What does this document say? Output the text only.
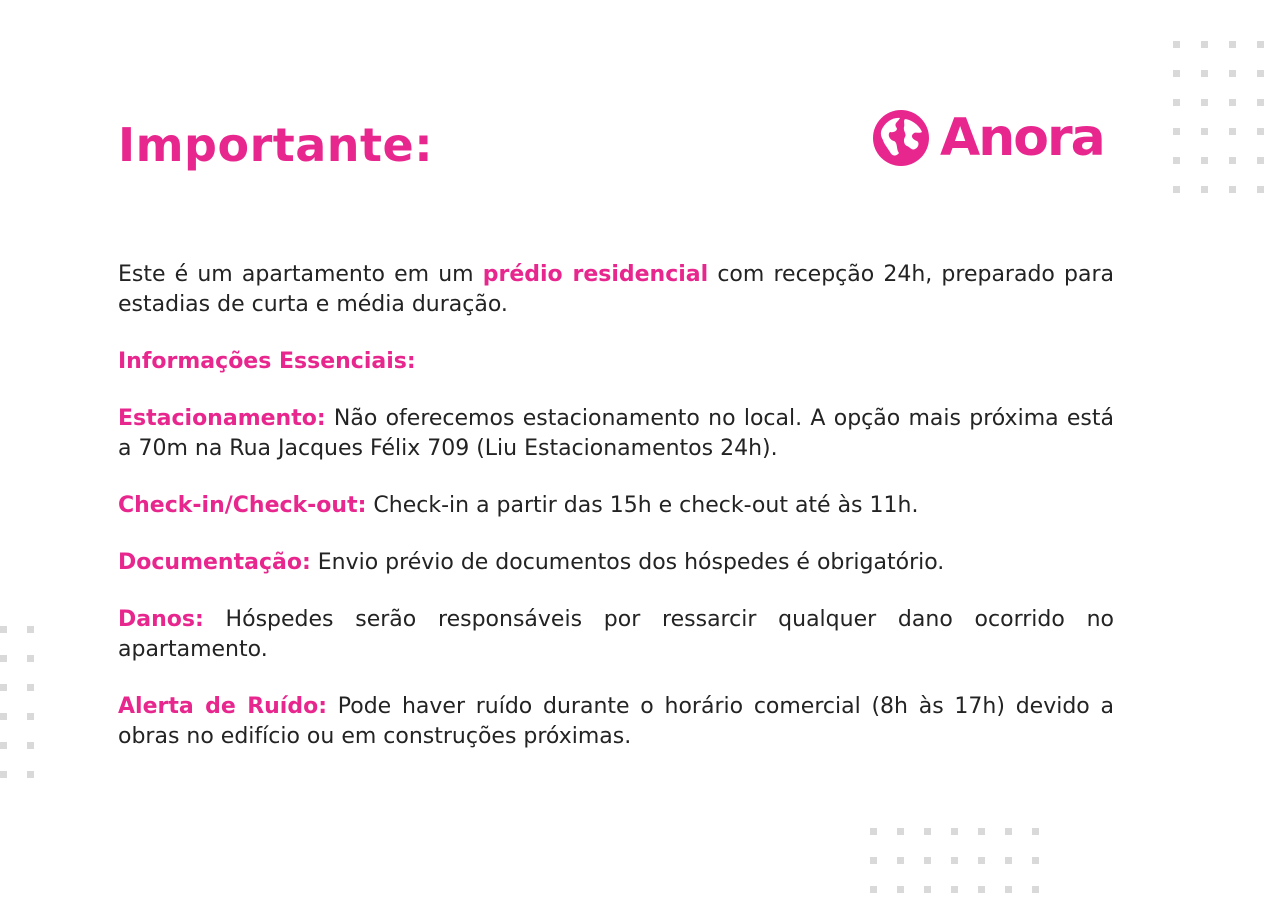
Importante:	Anora

Este é um apartamento em um prédio residencial com recepção 24h, preparado para estadias de curta e média duração.

Informações Essenciais:

Estacionamento: Não oferecemos estacionamento no local. A opção mais próxima está a 70m na Rua Jacques Félix 709 (Liu Estacionamentos 24h).

Check-in/Check-out: Check-in a partir das 15h e check-out até às 11h.

Documentação: Envio prévio de documentos dos hóspedes é obrigatório.

Danos: Hóspedes serão responsáveis por ressarcir qualquer dano ocorrido no apartamento.

Alerta de Ruído: Pode haver ruído durante o horário comercial (8h às 17h) devido a obras no edifício ou em construções próximas.
